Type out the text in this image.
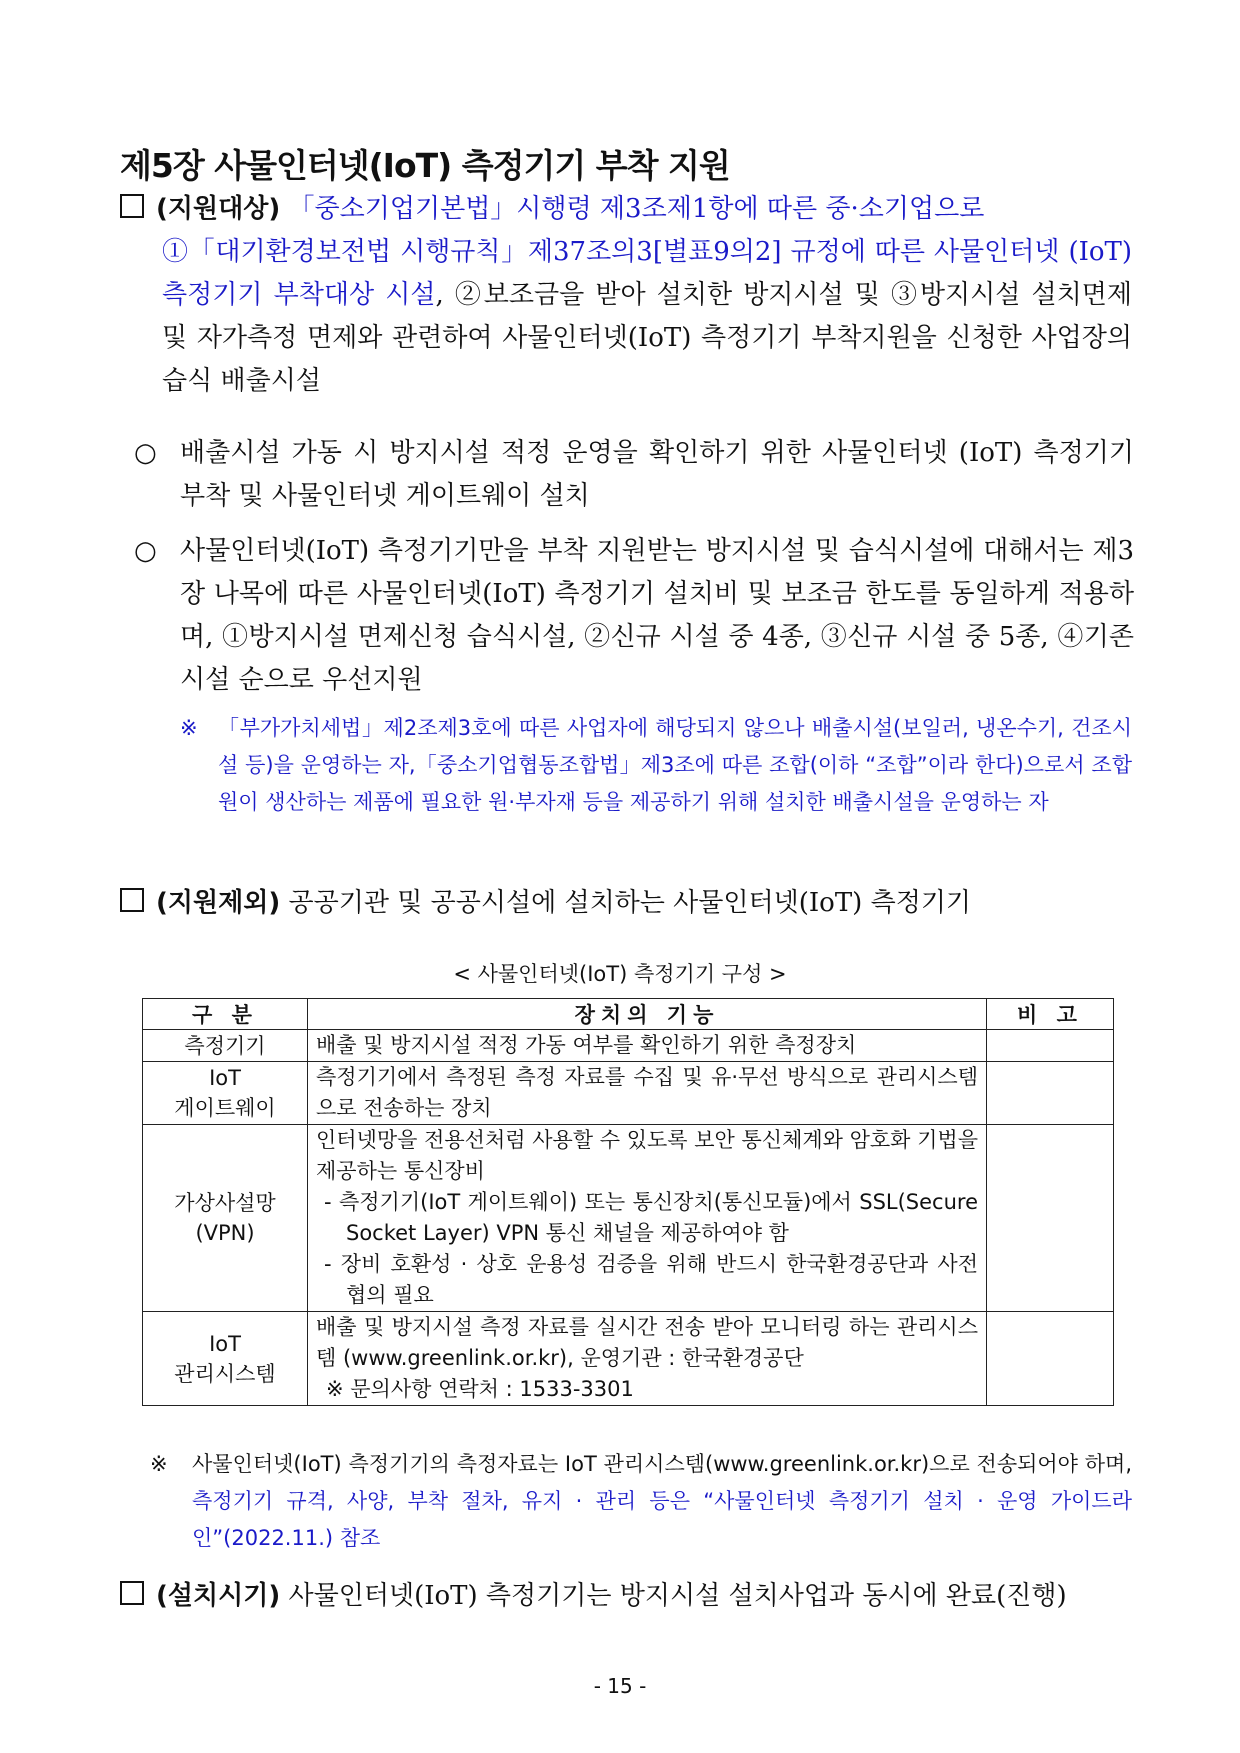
제5장 사물인터넷(IoT) 측정기기 부착 지원
(지원대상) 「중소기업기본법」시행령 제3조제1항에 따른 중·소기업으로
①「대기환경보전법 시행규칙」제37조의3[별표9의2] 규정에 따른 사물인터넷 (IoT) 측정기기 부착대상 시설, ②보조금을 받아 설치한 방지시설 및 ③방지시설 설치면제 및 자가측정 면제와 관련하여 사물인터넷(IoT) 측정기기 부착지원을 신청한 사업장의 습식 배출시설
○ 배출시설 가동 시 방지시설 적정 운영을 확인하기 위한 사물인터넷 (IoT) 측정기기 부착 및 사물인터넷 게이트웨이 설치
○ 사물인터넷(IoT) 측정기기만을 부착 지원받는 방지시설 및 습식시설에 대해서는 제3장 나목에 따른 사물인터넷(IoT) 측정기기 설치비 및 보조금 한도를 동일하게 적용하며, ①방지시설 면제신청 습식시설, ②신규 시설 중 4종, ③신규 시설 중 5종, ④기존 시설 순으로 우선지원
※ 「부가가치세법」제2조제3호에 따른 사업자에 해당되지 않으나 배출시설(보일러, 냉온수기, 건조시설 등)을 운영하는 자,「중소기업협동조합법」제3조에 따른 조합(이하 “조합”이라 한다)으로서 조합원이 생산하는 제품에 필요한 원·부자재 등을 제공하기 위해 설치한 배출시설을 운영하는 자
(지원제외) 공공기관 및 공공시설에 설치하는 사물인터넷(IoT) 측정기기
< 사물인터넷(IoT) 측정기기 구성 >
구 분	장치의 기능	비 고
측정기기	배출 및 방지시설 적정 가동 여부를 확인하기 위한 측정장치	
IoT
게이트웨이	측정기기에서 측정된 측정 자료를 수집 및 유·무선 방식으로 관리시스템으로 전송하는 장치	
가상사설망
(VPN)	인터넷망을 전용선처럼 사용할 수 있도록 보안 통신체계와 암호화 기법을 제공하는 통신장비
- 측정기기(IoT 게이트웨이) 또는 통신장치(통신모듈)에서 SSL(Secure Socket Layer) VPN 통신 채널을 제공하여야 함
- 장비 호환성 · 상호 운용성 검증을 위해 반드시 한국환경공단과 사전 협의 필요	

IoT
관리시스템	배출 및 방지시설 측정 자료를 실시간 전송 받아 모니터링 하는 관리시스템 (www.greenlink.or.kr), 운영기관 : 한국환경공단
※ 문의사항 연락처 : 1533-3301	

※	사물인터넷(IoT) 측정기기의 측정자료는 IoT 관리시스템(www.greenlink.or.kr)으로 전송되어야 하며, 측정기기 규격, 사양, 부착 절차, 유지 · 관리 등은 “사물인터넷 측정기기 설치 · 운영 가이드라인”(2022.11.) 참조
(설치시기) 사물인터넷(IoT) 측정기기는 방지시설 설치사업과 동시에 완료(진행)
- 15 -
